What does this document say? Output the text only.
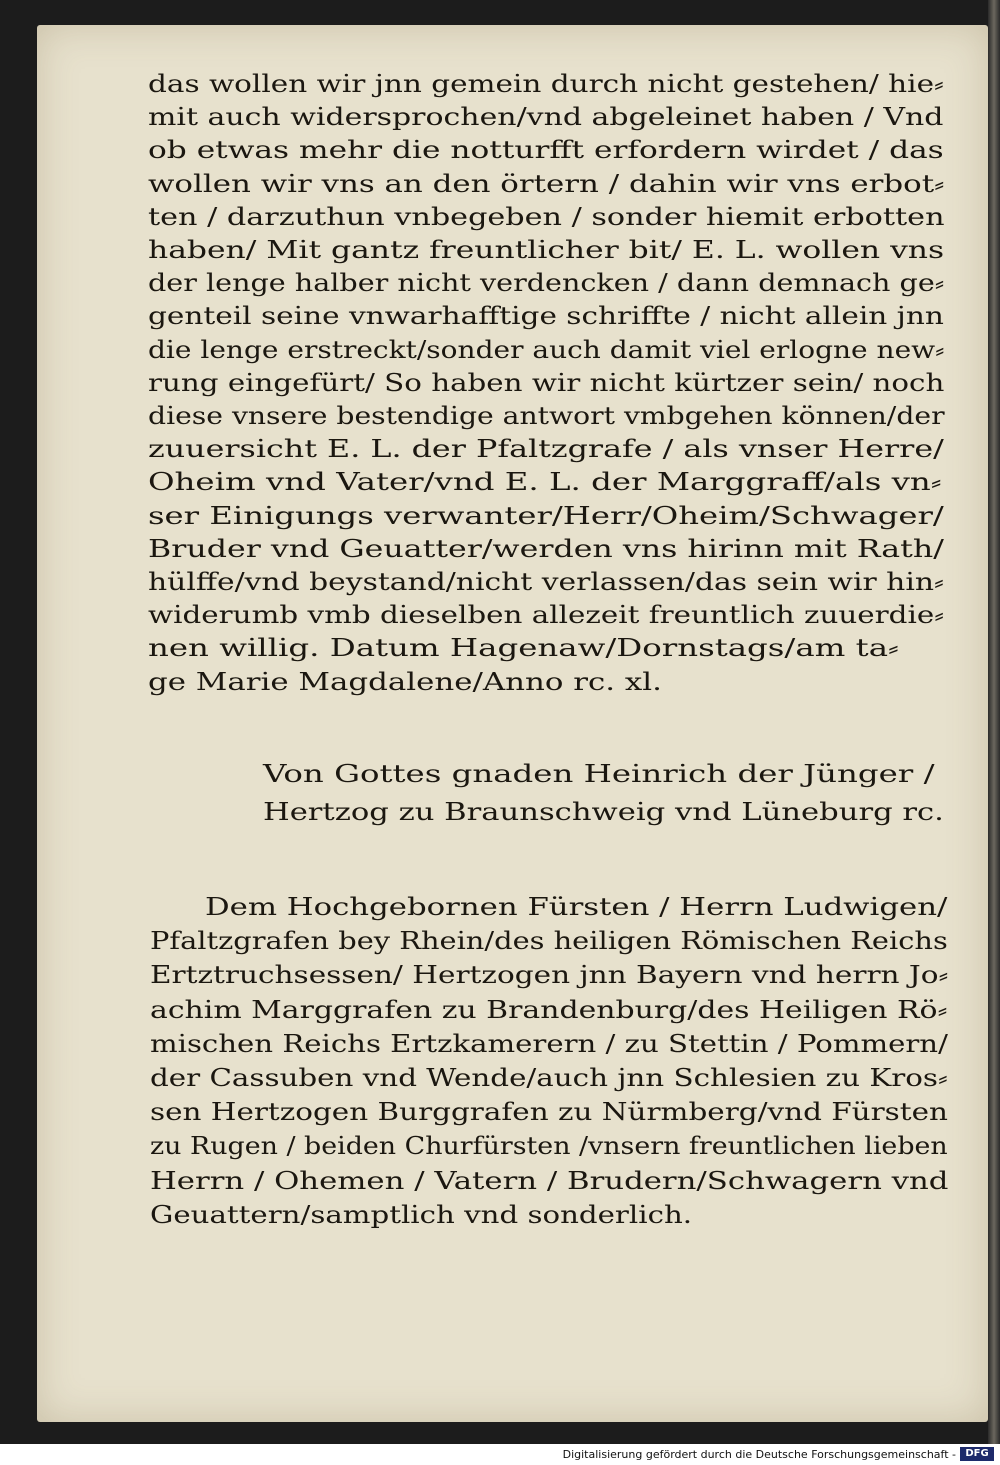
das wollen wir jnn gemein durch nicht gestehen/ hie⸗
mit auch widersprochen/vnd abgeleinet haben / Vnd
ob etwas mehr die notturfft erfordern wirdet / das
wollen wir vns an den örtern / dahin wir vns erbot⸗
ten / darzuthun vnbegeben / sonder hiemit erbotten
haben/ Mit gantz freuntlicher bit/ E. L. wollen vns
der lenge halber nicht verdencken / dann demnach ge⸗
genteil seine vnwarhafftige schriffte / nicht allein jnn
die lenge erstreckt/sonder auch damit viel erlogne new⸗
rung eingefürt/ So haben wir nicht kürtzer sein/ noch
diese vnsere bestendige antwort vmbgehen können/der
zuuersicht E. L. der Pfaltzgrafe / als vnser Herre/
Oheim vnd Vater/vnd E. L. der Marggraff/als vn⸗
ser Einigungs verwanter/Herr/Oheim/Schwager/
Bruder vnd Geuatter/werden vns hirinn mit Rath/
hülffe/vnd beystand/nicht verlassen/das sein wir hin⸗
widerumb vmb dieselben allezeit freuntlich zuuerdie⸗
nen willig. Datum Hagenaw/Dornstags/am ta⸗
ge Marie Magdalene/Anno rc. xl.
Von Gottes gnaden Heinrich der Jünger /
Hertzog zu Braunschweig vnd Lüneburg rc.
Dem Hochgebornen Fürsten / Herrn Ludwigen/
Pfaltzgrafen bey Rhein/des heiligen Römischen Reichs
Ertztruchsessen/ Hertzogen jnn Bayern vnd herrn Jo⸗
achim Marggrafen zu Brandenburg/des Heiligen Rö⸗
mischen Reichs Ertzkamerern / zu Stettin / Pommern/
der Cassuben vnd Wende/auch jnn Schlesien zu Kros⸗
sen Hertzogen Burggrafen zu Nürmberg/vnd Fürsten
zu Rugen / beiden Churfürsten /vnsern freuntlichen lieben
Herrn / Ohemen / Vatern / Brudern/Schwagern vnd
Geuattern/samptlich vnd sonderlich.
Digitalisierung gefördert durch die Deutsche Forschungsgemeinschaft - DFG
